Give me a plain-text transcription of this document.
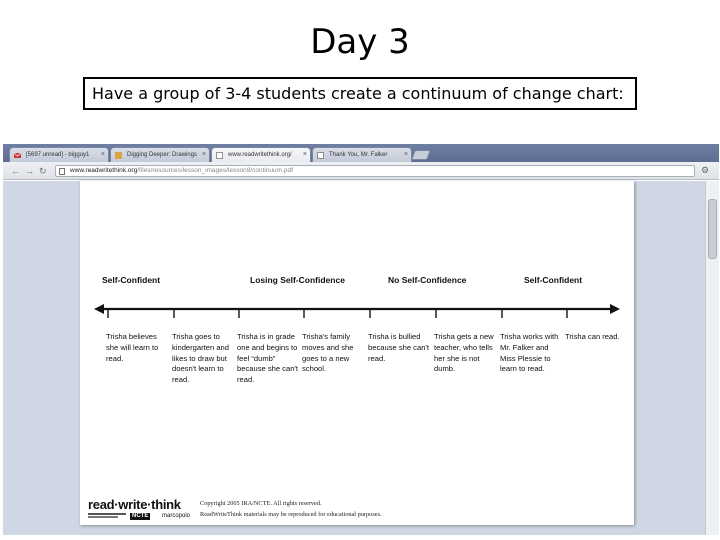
Day 3
Have a group of 3-4 students create a continuum of change chart:
[5697 unread] - bigguy1 ×	Digging Deeper: Drawings ×	www.readwritethink.org/ ×	Thank You, Mr. Falker ×
← → ↻	www.readwritethink.org/files/resources/lesson_images/lesson9/continuum.pdf	⚙
Self-Confident	Losing Self-Confidence	No Self-Confidence	Self-Confident
Trisha believes she will learn to read.
Trisha goes to kindergarten and likes to draw but doesn't learn to read.
Trisha is in grade one and begins to feel “dumb” because she can't read.
Trisha's family moves and she goes to a new school.
Trisha is bullied because she can't read.
Trisha gets a new teacher, who tells her she is not dumb.
Trisha works with Mr. Falker and Miss Plessie to learn to read.
Trisha can read.
read·write·think
NCTE	marcopolo
Copyright 2005 IRA/NCTE. All rights reserved.
ReadWriteThink materials may be reproduced for educational purposes.
